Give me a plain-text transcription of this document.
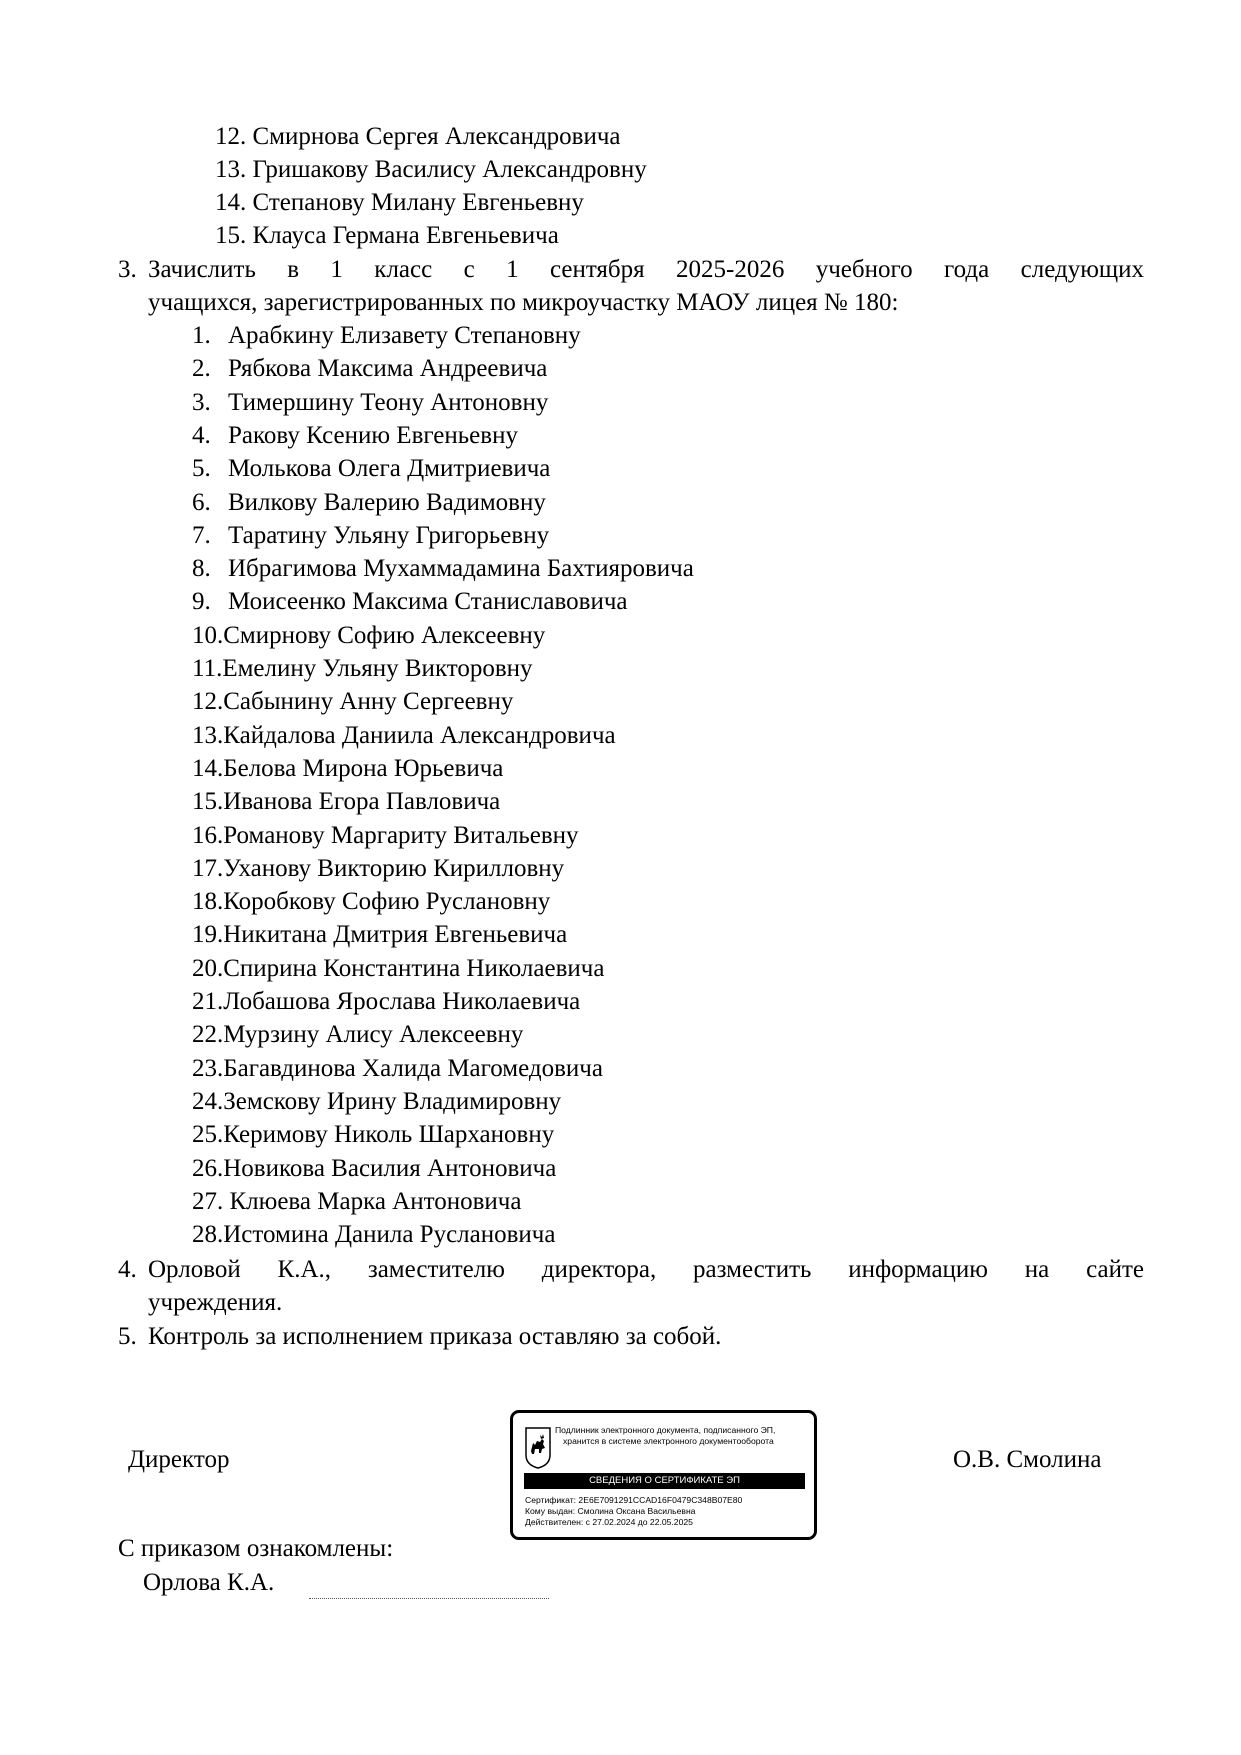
12. Смирнова Сергея Александровича
13. Гришакову Василису Александровну
14. Степанову Милану Евгеньевну
15. Клауса Германа Евгеньевича
3. Зачислить в 1 класс с 1 сентября 2025-2026 учебного года следующих
учащихся, зарегистрированных по микроучастку МАОУ лицея № 180:
1. Арабкину Елизавету Степановну
2. Рябкова Максима Андреевича
3. Тимершину Теону Антоновну
4. Ракову Ксению Евгеньевну
5. Молькова Олега Дмитриевича
6. Вилкову Валерию Вадимовну
7. Таратину Ульяну Григорьевну
8. Ибрагимова Мухаммадамина Бахтияровича
9. Моисеенко Максима Станиславовича
10.Смирнову Софию Алексеевну
11.Емелину Ульяну Викторовну
12.Сабынину Анну Сергеевну
13.Кайдалова Даниила Александровича
14.Белова Мирона Юрьевича
15.Иванова Егора Павловича
16.Романову Маргариту Витальевну
17.Уханову Викторию Кирилловну
18.Коробкову Софию Руслановну
19.Никитана Дмитрия Евгеньевича
20.Спирина Константина Николаевича
21.Лобашова Ярослава Николаевича
22.Мурзину Алису Алексеевну
23.Багавдинова Халида Магомедовича
24.Земскову Ирину Владимировну
25.Керимову Николь Шархановну
26.Новикова Василия Антоновича
27. Клюева Марка Антоновича
28.Истомина Данила Руслановича
4. Орловой К.А., заместителю директора, разместить информацию на сайте
учреждения.
5. Контроль за исполнением приказа оставляю за собой.
Директор	О.В. Смолина
Подлинник электронного документа, подписанного ЭП,
хранится в системе электронного документооборота
СВЕДЕНИЯ О СЕРТИФИКАТЕ ЭП
Сертификат: 2E6E7091291CCAD16F0479C348B07E80
Кому выдан: Смолина Оксана Васильевна
Действителен: с 27.02.2024 до 22.05.2025
С приказом ознакомлены:
Орлова К.А.
